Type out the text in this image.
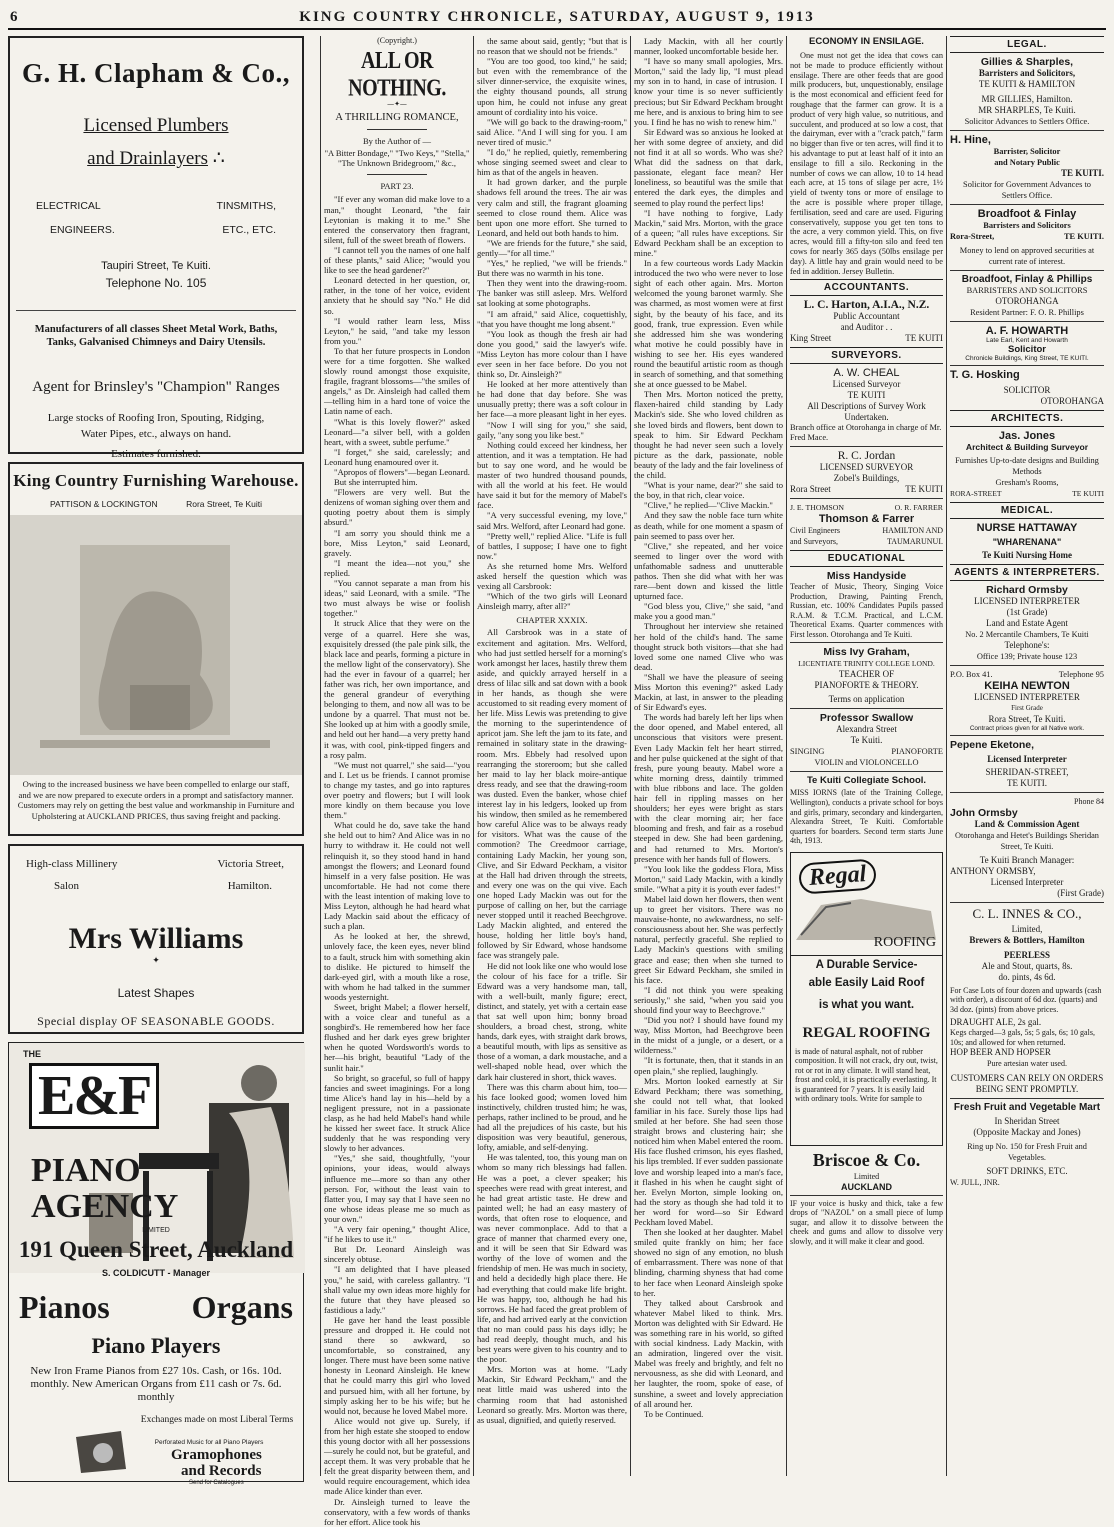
6	KING COUNTRY CHRONICLE, SATURDAY, AUGUST 9, 1913
G. H. Clapham & Co.,
Licensed Plumbers
and Drainlayers ∴
ELECTRICAL	TINSMITHS,
ENGINEERS.	ETC., ETC.
Taupiri Street, Te Kuiti.
Telephone No. 105
Manufacturers of all classes Sheet Metal Work, Baths, Tanks, Galvanised Chimneys and Dairy Utensils.
Agent for Brinsley's "Champion" Ranges
Large stocks of Roofing Iron, Spouting, Ridging, Water Pipes, etc., always on hand.
Estimates furnished.
King Country Furnishing Warehouse.
PATTISON & LOCKINGTON	Rora Street, Te Kuiti
Owing to the increased business we have been compelled to enlarge our staff, and we are now prepared to execute orders in a prompt and satisfactory manner. Customers may rely on getting the best value and workmanship in Furniture and Upholstering at AUCKLAND PRICES, thus saving freight and packing.
High-class Millinery	Victoria Street,
Salon	Hamilton.
Mrs Williams
✦
Latest Shapes
Special display OF SEASONABLE GOODS.
THE
E&F
PIANO
AGENCY
LIMITED
191 Queen Street, Auckland
S. COLDICUTT - Manager
Pianos	Organs
Piano Players
New Iron Frame Pianos from £27 10s. Cash, or 16s. 10d. monthly. New American Organs from £11 cash or 7s. 6d. monthly
Exchanges made on most Liberal Terms
Perforated Music for all Piano Players
Gramophones
and Records
Send for Catalogues

(Copyright.)

ALL OR NOTHING.
—✦—
A THRILLING ROMANCE,

By the Author of —

"A Bitter Bondage," "Two Keys," "Stella," "The Unknown Bridegroom," &c.,

PART 23.

"If ever any woman did make love to a man," thought Leonard, "the fair Leytonian is making it to me." She entered the conservatory then fragrant, silent, full of the sweet breath of flowers.

"I cannot tell you the names of one half of these plants," said Alice; "would you like to see the head gardener?"

Leonard detected in her question, or, rather, in the tone of her voice, evident anxiety that he should say "No." He did so.

"I would rather learn less, Miss Leyton," he said, "and take my lesson from you."

To that her future prospects in London were for a time forgotten. She walked slowly round amongst those exquisite, fragile, fragrant blossoms—"the smiles of angels," as Dr. Ainsleigh had called them—telling him in a hard tone of voice the Latin name of each.

"What is this lovely flower?" asked Leonard—"a silver bell, with a golden heart, with a sweet, subtle perfume."

"I forget," she said, carelessly; and Leonard hung enamoured over it.

"Apropos of flowers"—began Leonard.

But she interrupted him.

"Flowers are very well. But the denizens of woman sighing over them and quoting poetry about them is simply absurd."

"I am sorry you should think me a bore, Miss Leyton," said Leonard, gravely.

"I meant the idea—not you," she replied.

"You cannot separate a man from his ideas," said Leonard, with a smile. "The two must always be wise or foolish together."

It struck Alice that they were on the verge of a quarrel. Here she was, exquisitely dressed (the pale pink silk, the black lace and pearls, forming a picture in the mellow light of the conservatory). She had the ever in favour of a quarrel; her father was rich, her own importance, and the general grandeur of everything belonging to them, and now all was to be undone by a quarrel. That must not be. She looked up at him with a goodly smile, and held out her hand—a very pretty hand it was, with cool, pink-tipped fingers and a rosy palm.

"We must not quarrel," she said—"you and I. Let us be friends. I cannot promise to change my tastes, and go into raptures over poetry and flowers; but I will look more kindly on them because you love them."

What could he do, save take the hand she held out to him? And Alice was in no hurry to withdraw it. He could not well relinquish it, so they stood hand in hand amongst the flowers; and Leonard found himself in a very false position. He was uncomfortable. He had not come there with the least intention of making love to Miss Leyton, although he had heard what Lady Mackin said about the efficacy of such a plan.

As he looked at her, the shrewd, unlovely face, the keen eyes, never blind to a fault, struck him with something akin to dislike. He pictured to himself the dark-eyed girl, with a mouth like a rose, with whom he had talked in the summer woods yesternight.

Sweet, bright Mabel; a flower herself, with a voice clear and tuneful as a songbird's. He remembered how her face flushed and her dark eyes grew brighter when he quoted Wordsworth's words to her—his bright, beautiful "Lady of the sunlit hair."

So bright, so graceful, so full of happy fancies and sweet imaginings. For a long time Alice's hand lay in his—held by a negligent pressure, not in a passionate clasp, as he had held Mabel's hand while he kissed her sweet face. It struck Alice suddenly that he was responding very slowly to her advances.

"Yes," she said, thoughtfully, "your opinions, your ideas, would always influence me—more so than any other person. For, without the least vain to flatter you, I may say that I have seen no one whose ideas please me so much as your own."

"A very fair opening," thought Alice, "if he likes to use it."

But Dr. Leonard Ainsleigh was sincerely obtuse.

"I am delighted that I have pleased you," he said, with careless gallantry. "I shall value my own ideas more highly for the future that they have pleased so fastidious a lady."

He gave her hand the least possible pressure and dropped it. He could not stand there so awkward, so uncomfortable, so constrained, any longer. There must have been some native honesty in Leonard Ainsleigh. He knew that he could marry this girl who loved and pursued him, with all her fortune, by simply asking her to be his wife; but he would not, because he loved Mabel more.

Alice would not give up. Surely, if from her high estate she stooped to endow this young doctor with all her possessions—surely he could not, but be grateful, and accept them. It was very probable that he felt the great disparity between them, and would require encouragement, which idea made Alice kinder than ever.

Dr. Ainsleigh turned to leave the conservatory, with a few words of thanks for her effort. Alice took his

the same about said, gently; "but that is no reason that we should not be friends."

"You are too good, too kind," he said; but even with the remembrance of the silver dinner-service, the exquisite wines, the eighty thousand pounds, all strung upon him, he could not infuse any great amount of cordiality into his voice.

"We will go back to the drawing-room," said Alice. "And I will sing for you. I am never tired of music."

"I do," he replied, quietly, remembering whose singing seemed sweet and clear to him as that of the angels in heaven.

It had grown darker, and the purple shadows fell around the trees. The air was very calm and still, the fragrant gloaming seemed to close round them. Alice was bent upon one more effort. She turned to Leonard, and held out both hands to him.

"We are friends for the future," she said, gently—"for all time."

"Yes," he replied, "we will be friends." But there was no warmth in his tone.

Then they went into the drawing-room. The banker was still asleep. Mrs. Welford sat looking at some photographs.

"I am afraid," said Alice, coquettishly, "that you have thought me long absent."

"You look as though the fresh air had done you good," said the lawyer's wife. "Miss Leyton has more colour than I have ever seen in her face before. Do you not think so, Dr. Ainsleigh?"

He looked at her more attentively than he had done that day before. She was unusually pretty; there was a soft colour in her face—a more pleasant light in her eyes.

"Now I will sing for you," she said, gaily, "any song you like best."

Nothing could exceed her kindness, her attention, and it was a temptation. He had but to say one word, and he would be master of two hundred thousand pounds, with all the world at his feet. He would have said it but for the memory of Mabel's face.

"A very successful evening, my love," said Mrs. Welford, after Leonard had gone.

"Pretty well," replied Alice. "Life is full of battles, I suppose; I have one to fight now."

As she returned home Mrs. Welford asked herself the question which was vexing all Carsbrook:

"Which of the two girls will Leonard Ainsleigh marry, after all?"

CHAPTER XXXIX.

All Carsbrook was in a state of excitement and agitation. Mrs. Welford, who had just settled herself for a morning's work amongst her laces, hastily threw them aside, and quickly arrayed herself in a dress of lilac silk and sat down with a book in her hands, as though she were accustomed to sit reading every moment of her life. Miss Lewis was pretending to give the morning to the superintendence of apricot jam. She left the jam to its fate, and remained in solitary state in the drawing-room. Mrs. Ebbely had resolved upon rearranging the storeroom; but she called her maid to lay her black moire-antique dress ready, and see that the drawing-room was dusted. Even the banker, whose chief interest lay in his ledgers, looked up from his window, then smiled as he remembered how careful Alice was to be always ready for visitors. What was the cause of the commotion? The Creedmoor carriage, containing Lady Mackin, her young son, Clive, and Sir Edward Peckham, a visitor at the Hall had driven through the streets, and every one was on the qui vive. Each one hoped Lady Mackin was out for the purpose of calling on her, but the carriage never stopped until it reached Beechgrove. Lady Mackin alighted, and entered the house, holding her little boy's hand, followed by Sir Edward, whose handsome face was strangely pale.

He did not look like one who would lose the colour of his face for a trifle. Sir Edward was a very handsome man, tall, with a well-built, manly figure; erect, distinct, and stately, yet with a certain ease that sat well upon him; bonny broad shoulders, a broad chest, strong, white hands, dark eyes, with straight dark brows, a beautiful mouth, with lips as sensitive as those of a woman, a dark moustache, and a well-shaped noble head, over which the dark hair clustered in short, thick waves.

There was this charm about him, too—his face looked good; women loved him instinctively, children trusted him; he was, perhaps, rather inclined to be proud, and he had all the prejudices of his caste, but his disposition was very beautiful, generous, lofty, amiable, and self-denying.

He was talented, too, this young man on whom so many rich blessings had fallen. He was a poet, a clever speaker; his speeches were read with great interest, and he had great artistic taste. He drew and painted well; he had an easy mastery of words, that often rose to eloquence, and was never commonplace. Add to that a grace of manner that charmed every one, and it will be seen that Sir Edward was worthy of the love of women and the friendship of men. He was much in society, and held a decidedly high place there. He had everything that could make life bright. He was happy, too, although he had his sorrows. He had faced the great problem of life, and had arrived early at the conviction that no man could pass his days idly; he had read deeply, thought much, and his best years were given to his country and to the poor.

Mrs. Morton was at home. "Lady Mackin, Sir Edward Peckham," and the neat little maid was ushered into the charming room that had astonished Leonard so greatly. Mrs. Morton was there, as usual, dignified, and quietly reserved.

Lady Mackin, with all her courtly manner, looked uncomfortable beside her.

"I have so many small apologies, Mrs. Morton," said the lady lip, "I must plead my son in to hand, in case of intrusion. I know your time is so never sufficiently precious; but Sir Edward Peckham brought me here, and is anxious to bring him to see you. I find he has no wish to renew him."

Sir Edward was so anxious he looked at her with some degree of anxiety, and did not find it at all so words. Who was she? What did the sadness on that dark, passionate, elegant face mean? Her loneliness, so beautiful was the smile that entered the dark eyes, the dimples and seemed to play round the perfect lips!

"I have nothing to forgive, Lady Mackin," said Mrs. Morton, with the grace of a queen; "all rules have exceptions. Sir Edward Peckham shall be an exception to mine."

In a few courteous words Lady Mackin introduced the two who were never to lose sight of each other again. Mrs. Morton welcomed the young baronet warmly. She was charmed, as most women were at first sight, by the beauty of his face, and its good, frank, true expression. Even while she addressed him she was wondering what motive he could possibly have in wishing to see her. His eyes wandered round the beautiful artistic room as though in search of something, and that something she at once guessed to be Mabel.

Then Mrs. Morton noticed the pretty, flaxen-haired child standing by Lady Mackin's side. She who loved children as she loved birds and flowers, bent down to speak to him. Sir Edward Peckham thought he had never seen such a lovely picture as the dark, passionate, noble beauty of the lady and the fair loveliness of the child.

"What is your name, dear?" she said to the boy, in that rich, clear voice.

"Clive," he replied—"Clive Mackin."

And they saw the noble face turn white as death, while for one moment a spasm of pain seemed to pass over her.

"Clive," she repeated, and her voice seemed to linger over the word with unfathomable sadness and unutterable pathos. Then she did what with her was rare—bent down and kissed the little upturned face.

"God bless you, Clive," she said, "and make you a good man."

Throughout her interview she retained her hold of the child's hand. The same thought struck both visitors—that she had loved some one named Clive who was dead.

"Shall we have the pleasure of seeing Miss Morton this evening?" asked Lady Mackin, at last, in answer to the pleading of Sir Edward's eyes.

The words had barely left her lips when the door opened, and Mabel entered, all unconscious that visitors were present. Even Lady Mackin felt her heart stirred, and her pulse quickened at the sight of that fresh, pure young beauty. Mabel wore a white morning dress, daintily trimmed with blue ribbons and lace. The golden hair fell in rippling masses on her shoulders; her eyes were bright as stars with the clear morning air; her face blooming and fresh, and fair as a rosebud steeped in dew. She had been gardening, and had returned to Mrs. Morton's presence with her hands full of flowers.

"You look like the goddess Flora, Miss Morton," said Lady Mackin, with a kindly smile. "What a pity it is youth ever fades!"

Mabel laid down her flowers, then went up to greet her visitors. There was no mauvaise-honte, no awkwardness, no self-consciousness about her. She was perfectly natural, perfectly graceful. She replied to Lady Mackin's questions with smiling grace and ease; then when she turned to greet Sir Edward Peckham, she smiled in his face.

"I did not think you were speaking seriously," she said, "when you said you should find your way to Beechgrove."

"Did you not? I should have found my way, Miss Morton, had Beechgrove been in the midst of a jungle, or a desert, or a wilderness."

"It is fortunate, then, that it stands in an open plain," she replied, laughingly.

Mrs. Morton looked earnestly at Sir Edward Peckham; there was something, she could not tell what, that looked familiar in his face. Surely those lips had smiled at her before. She had seen those straight brows and clustering hair; she noticed him when Mabel entered the room. His face flushed crimson, his eyes flashed, his lips trembled. If ever sudden passionate love and worship leaped into a man's face, it flashed in his when he caught sight of her. Evelyn Morton, simple looking on, had the story as though she had told it to her word for word—so Sir Edward Peckham loved Mabel.

Then she looked at her daughter. Mabel smiled quite frankly on him; her face showed no sign of any emotion, no blush of embarrassment. There was none of that blinding, charming shyness that had come to her face when Leonard Ainsleigh spoke to her.

They talked about Carsbrook and whatever Mabel liked to think. Mrs. Morton was delighted with Sir Edward. He was something rare in his world, so gifted with social kindness. Lady Mackin, with an admiration, lingered over the visit. Mabel was freely and brightly, and felt no nervousness, as she did with Leonard, and her laughter, the room, spoke of ease, of sunshine, a sweet and lovely appreciation of all around her.

To be Continued.

ECONOMY IN ENSILAGE.
One must not get the idea that cows can not be made to produce efficiently without ensilage. There are other feeds that are good milk producers, but, unquestionably, ensilage is the most economical and efficient feed for roughage that the farmer can grow. It is a product of very high value, so nutritious, and succulent, and produced at so low a cost, that the dairyman, ever with a "crack patch," farm no bigger than five or ten acres, will find it to his advantage to put at least half of it into an ensilage to fill a silo. Reckoning in the number of cows we can allow, 10 to 14 head each acre, at 15 tons of silage per acre, 1½ yield of twenty tons or more of ensilage to the acre is possible where proper tillage, fertilisation, seed and care are used. Figuring conservatively, suppose you get ten tons to the acre, a very common yield. This, on five acres, would fill a fifty-ton silo and feed ten cows for nearly 365 days (50lbs ensilage per day). A little hay and grain would need to be fed in addition. Jersey Bulletin.
ACCOUNTANTS.
L. C. Harton, A.I.A., N.Z.
Public Accountant
and Auditor . .
King Street	TE KUITI
SURVEYORS.
A. W. CHEAL
Licensed Surveyor
TE KUITI
All Descriptions of Survey Work Undertaken.
Branch office at Otorohanga in charge of Mr. Fred Mace.
R. C. Jordan
LICENSED SURVEYOR
Zobel's Buildings,
Rora Street	TE KUITI
J. E. THOMSON	O. R. FARRER
Thomson & Farrer
Civil Engineers	HAMILTON AND
and Surveyors,	TAUMARUNUI.
EDUCATIONAL
Miss Handyside
Teacher of Music, Theory, Singing Voice Production, Drawing, Painting French, Russian, etc. 100% Candidates Pupils passed R.A.M. & T.C.M. Practical, and L.C.M. Theoretical Exams. Quarter commences with First lesson. Otorohanga and Te Kuiti.
Miss Ivy Graham,
LICENTIATE TRINITY COLLEGE LOND.
TEACHER OF
PIANOFORTE & THEORY.
Terms on application
Professor Swallow
Alexandra Street
Te Kuiti.
SINGING	PIANOFORTE
VIOLIN and VIOLONCELLO
Te Kuiti Collegiate School.
MISS IORNS (late of the Training College, Wellington), conducts a private school for boys and girls, primary, secondary and kindergarten, Alexandra Street, Te Kuiti. Comfortable quarters for boarders. Second term starts June 4th, 1913.
Regal
ROOFING
A Durable Service-
able Easily Laid Roof
is what you want.
REGAL ROOFING
is made of natural asphalt, not of rubber composition. It will not crack, dry out, twist, rot or rot in any climate. It will stand heat, frost and cold, it is practically everlasting. It is guaranteed for 7 years. It is easily laid with ordinary tools. Write for sample to
Briscoe & Co.
Limited
AUCKLAND
IF your voice is husky and thick, take a few drops of "NAZOL" on a small piece of lump sugar, and allow it to dissolve between the cheek and gums and allow to dissolve very slowly, and it will make it clear and good.
LEGAL.
Gillies & Sharples,
Barristers and Solicitors,
TE KUITI & HAMILTON
MR GILLIES, Hamilton.
MR SHARPLES, Te Kuiti.
Solicitor Advances to Settlers Office.
H. Hine,
Barrister, Solicitor
and Notary Public
TE KUITI.
Solicitor for Government Advances to Settlers Office.
Broadfoot & Finlay
Barristers and Solicitors
Rora-Street,	TE KUITI.
Money to lend on approved securities at current rate of interest.
Broadfoot, Finlay & Phillips
BARRISTERS AND SOLICITORS
OTOROHANGA
Resident Partner: F. O. R. Phillips
A. F. HOWARTH
Late Earl, Kent and Howarth
Solicitor
Chronicle Buildings, King Street, TE KUITI.
T. G. Hosking
SOLICITOR
OTOROHANGA
ARCHITECTS.
Jas. Jones
Architect & Building Surveyor
Furnishes Up-to-date designs and Building Methods
Gresham's Rooms,
RORA-STREET	TE KUITI
MEDICAL.
NURSE HATTAWAY
"WHARENANA"
Te Kuiti Nursing Home
AGENTS & INTERPRETERS.
Richard Ormsby
LICENSED INTERPRETER
(1st Grade)
Land and Estate Agent
No. 2 Mercantile Chambers, Te Kuiti
Telephone's:
Office 139; Private house 123
P.O. Box 41.	Telephone 95
KEIHA NEWTON
LICENSED INTERPRETER
First Grade
Rora Street, Te Kuiti.
Contract prices given for all Native work.
Pepene Eketone,
Licensed Interpreter
SHERIDAN-STREET,
TE KUITI.
Phone 84
John Ormsby
Land & Commission Agent
Otorohanga and Hetet's Buildings Sheridan Street, Te Kuiti.
Te Kuiti Branch Manager:
ANTHONY ORMSBY,
Licensed Interpreter
(First Grade)
C. L. INNES & CO.,
Limited,
Brewers & Bottlers, Hamilton
PEERLESS
Ale and Stout, quarts, 8s.
do. pints, 4s 6d.
For Case Lots of four dozen and upwards (cash with order), a discount of 6d doz. (quarts) and 3d doz. (pints) from above prices.
DRAUGHT ALE, 2s gal.
Kegs charged—3 gals, 5s; 5 gals, 6s; 10 gals, 10s; and allowed for when returned.
HOP BEER AND HOPSER
Pure artesian water used.
CUSTOMERS CAN RELY ON ORDERS BEING SENT PROMPTLY.
Fresh Fruit and Vegetable Mart
In Sheridan Street
(Opposite Mackay and Jones)
Ring up No. 150 for Fresh Fruit and Vegetables.
SOFT DRINKS, ETC.
W. JULL, JNR.
